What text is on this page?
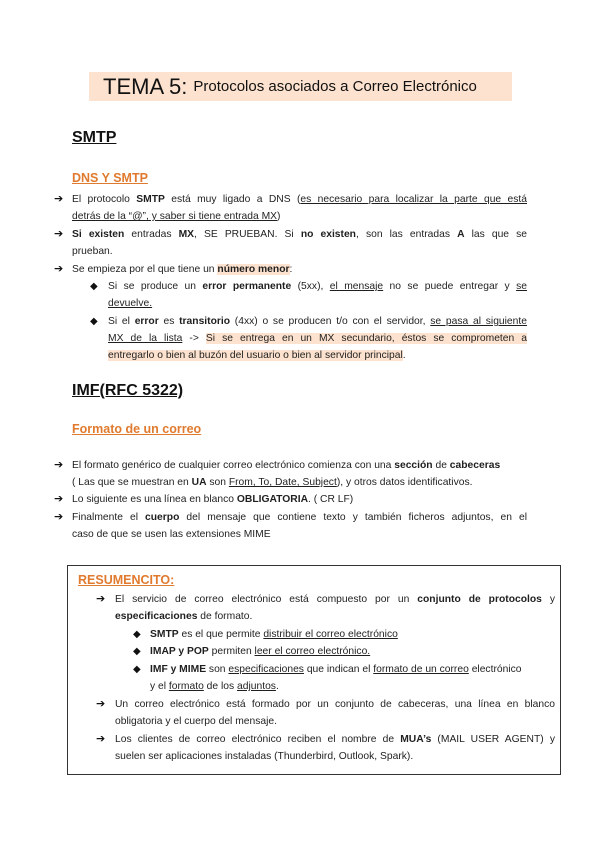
TEMA 5: Protocolos asociados a Correo Electrónico
SMTP
DNS Y SMTP
➔ El protocolo SMTP está muy ligado a DNS (es necesario para localizar la parte que está
detrás de la “@”, y saber si tiene entrada MX)
➔ Si existen entradas MX, SE PRUEBAN. Si no existen, son las entradas A las que se
prueban.
➔ Se empieza por el que tiene un número menor:
◆ Si se produce un error permanente (5xx), el mensaje no se puede entregar y se
devuelve.
◆ Si el error es transitorio (4xx) o se producen t/o con el servidor, se pasa al siguiente
MX de la lista -> Si se entrega en un MX secundario, éstos se comprometen a
entregarlo o bien al buzón del usuario o bien al servidor principal.
IMF(RFC 5322)
Formato de un correo
➔ El formato genérico de cualquier correo electrónico comienza con una sección de cabeceras
( Las que se muestran en UA son From, To, Date, Subject), y otros datos identificativos.
➔ Lo siguiente es una línea en blanco OBLIGATORIA. ( CR LF)
➔ Finalmente el cuerpo del mensaje que contiene texto y también ficheros adjuntos, en el
caso de que se usen las extensiones MIME
RESUMENCITO:
➔ El servicio de correo electrónico está compuesto por un conjunto de protocolos y
especificaciones de formato.
◆ SMTP es el que permite distribuir el correo electrónico
◆ IMAP y POP permiten leer el correo electrónico.
◆ IMF y MIME son especificaciones que indican el formato de un correo electrónico
y el formato de los adjuntos.
➔ Un correo electrónico está formado por un conjunto de cabeceras, una línea en blanco
obligatoria y el cuerpo del mensaje.
➔ Los clientes de correo electrónico reciben el nombre de MUA’s (MAIL USER AGENT) y
suelen ser aplicaciones instaladas (Thunderbird, Outlook, Spark).
